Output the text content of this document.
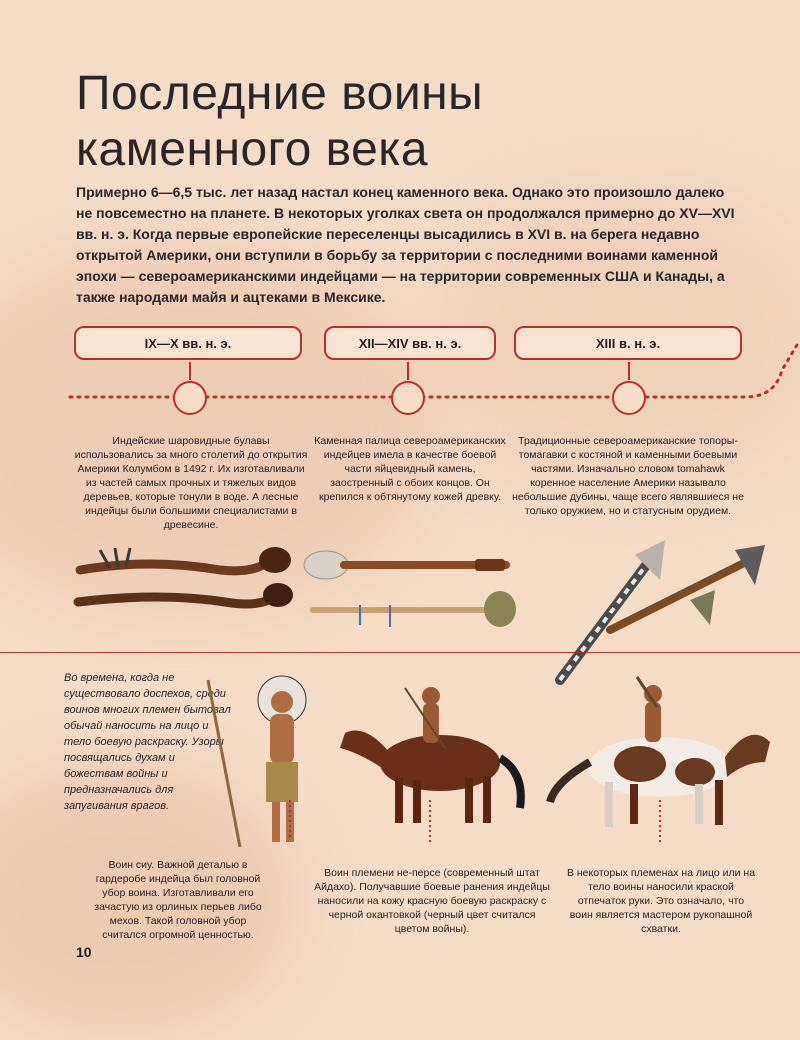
Последние воины
каменного века

Примерно 6—6,5 тыс. лет назад настал конец каменного века. Однако это произошло далеко не повсеместно на планете. В некоторых уголках света он продолжался примерно до XV—XVI вв. н. э. Когда первые европейские переселенцы высадились в XVI в. на берега недавно открытой Америки, они вступили в борьбу за территории с последними воинами каменной эпохи — североамериканскими индейцами — на территории современных США и Канады, а также народами майя и ацтеками в Мексике.

IX—X вв. н. э.	XII—XIV вв. н. э.	XIII в. н. э.
Индейские шаровидные булавы использовались за много столетий до открытия Америки Колумбом в 1492 г. Их изготавливали из частей самых прочных и тяжелых видов деревьев, которые тонули в воде. А лесные индейцы были большими специалистами в древесине.
Каменная палица североамериканских индейцев имела в качестве боевой части яйцевидный камень, заостренный с обоих концов. Он крепился к обтянутому кожей древку.
Традиционные североамериканские топоры-томагавки с костяной и каменными боевыми частями. Изначально словом tomahawk коренное население Америки называло небольшие дубины, чаще всего являвшиеся не только оружием, но и статусным орудием.
Во времена, когда не существовало доспехов, среди воинов многих племен бытовал обычай наносить на лицо и тело боевую раскраску. Узоры посвящались духам и божествам войны и предназначались для запугивания врагов.
Воин сиу. Важной деталью в гардеробе индейца был головной убор воина. Изготавливали его зачастую из орлиных перьев либо мехов. Такой головной убор считался огромной ценностью.
Воин племени не-персе (современный штат Айдахо). Получавшие боевые ранения индейцы наносили на кожу красную боевую раскраску с черной окантовкой (черный цвет считался цветом войны).
В некоторых племенах на лицо или на тело воины наносили краской отпечаток руки. Это означало, что воин является мастером рукопашной схватки.
10
